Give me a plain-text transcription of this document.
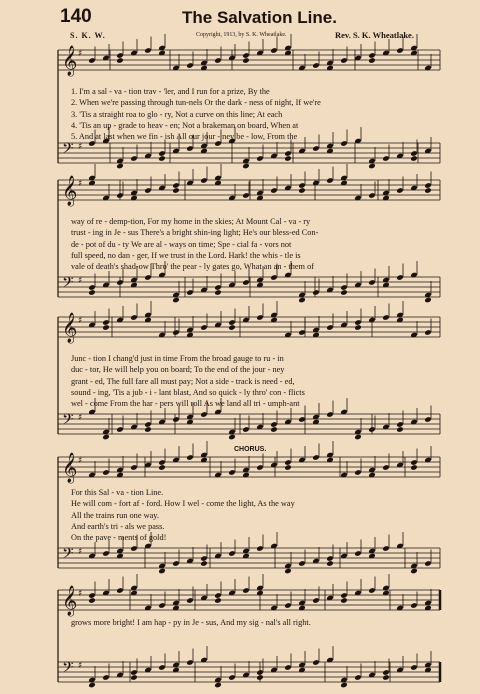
140	The Salvation Line.
S. K. W.	Copyright, 1913, by S. K. Wheatlake.	Rev. S. K. Wheatlake.
𝄞 ♯
𝄢 ♯
𝄞 ♯
𝄢 ♯
𝄞 ♯
𝄢 ♯
𝄞 ♯
𝄢 ♯
𝄞 ♯
𝄢 ♯
CHORUS.
1. I'm a sal - va - tion trav - 'ler, and I run for a prize, By the
2. When we're passing through tun-nels Or the dark - ness of night, If we're
3. 'Tis a straight roa to glo - ry, Not a curve on this line; At each
4. 'Tis an up - grade to heav - en; Not a brakeman on board, When at
5. And at last when we fin - ish All our jour - ney be - low, From the
way of re - demp-tion, For my home in the skies; At Mount Cal - va - ry
trust - ing in Je - sus There's a bright shin-ing light; He's our bless-ed Con-
de - pot of du - ty We are al - ways on time; Spe - cial fa - vors not
full speed, no dan - ger, If we trust in the Lord. Hark! the whis - tle is
vale of death's shad-ow Thro' the pear - ly gates go, What an an - them of
Junc - tion I chang'd just in time From the broad gauge to ru - in
duc - tor, He will help you on board; To the end of the jour - ney
grant - ed, The full fare all must pay; Not a side - track is need - ed,
sound - ing, 'Tis a jub - i - lant blast, And so quick - ly thro' con - flicts
wel - come From the har - pers will roll As we land all tri - umph-ant
For this Sal - va - tion Line.
He will com - fort af - ford. How I wel - come the light, As the way
All the trains run one way.
And earth's tri - als we pass.
On the pave - ments of gold!
grows more bright! I am hap - py in Je - sus, And my sig - nal's all right.
